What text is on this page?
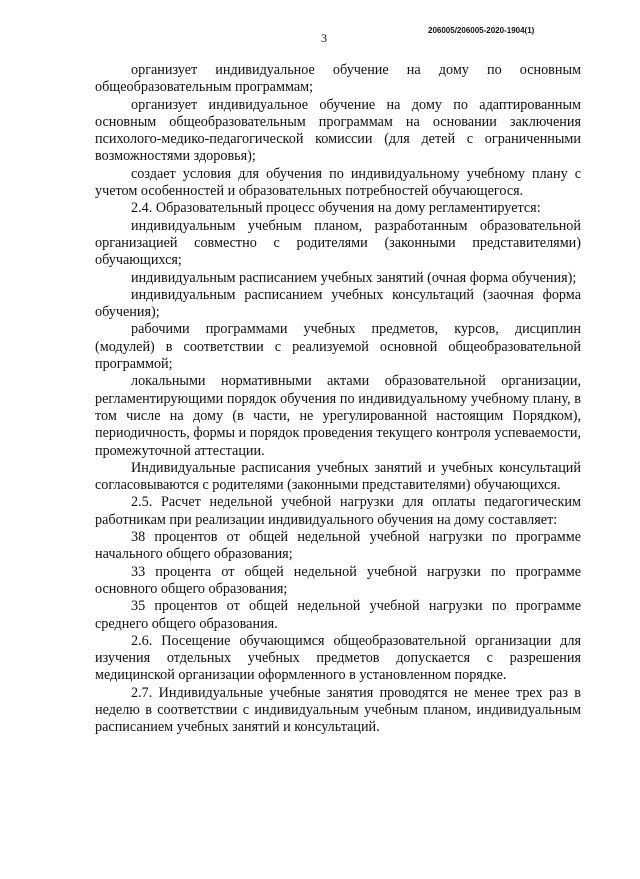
3
206005/206005-2020-1904(1)

организует индивидуальное обучение на дому по основным общеобразовательным программам;

организует индивидуальное обучение на дому по адаптированным основным общеобразовательным программам на основании заключения психолого-медико-педагогической комиссии (для детей с ограниченными возможностями здоровья);

создает условия для обучения по индивидуальному учебному плану с учетом особенностей и образовательных потребностей обучающегося.

2.4. Образовательный процесс обучения на дому регламентируется:

индивидуальным учебным планом, разработанным образовательной организацией совместно с родителями (законными представителями) обучающихся;

индивидуальным расписанием учебных занятий (очная форма обучения);

индивидуальным расписанием учебных консультаций (заочная форма обучения);

рабочими программами учебных предметов, курсов, дисциплин (модулей) в соответствии с реализуемой основной общеобразовательной программой;

локальными нормативными актами образовательной организации, регламентирующими порядок обучения по индивидуальному учебному плану, в том числе на дому (в части, не урегулированной настоящим Порядком), периодичность, формы и порядок проведения текущего контроля успеваемости, промежуточной аттестации.

Индивидуальные расписания учебных занятий и учебных консультаций согласовываются с родителями (законными представителями) обучающихся.

2.5. Расчет недельной учебной нагрузки для оплаты педагогическим работникам при реализации индивидуального обучения на дому составляет:

38 процентов от общей недельной учебной нагрузки по программе начального общего образования;

33 процента от общей недельной учебной нагрузки по программе основного общего образования;

35 процентов от общей недельной учебной нагрузки по программе среднего общего образования.

2.6. Посещение обучающимся общеобразовательной организации для изучения отдельных учебных предметов допускается с разрешения медицинской организации оформленного в установленном порядке.

2.7. Индивидуальные учебные занятия проводятся не менее трех раз в неделю в соответствии с индивидуальным учебным планом, индивидуальным расписанием учебных занятий и консультаций.
